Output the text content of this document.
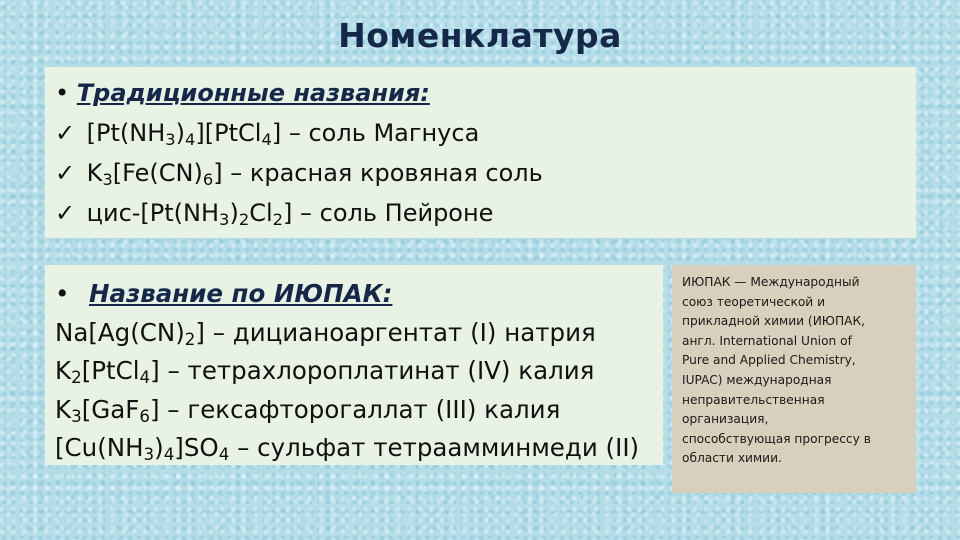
Номенклатура
• Традиционные названия:
✓ $[Pt(NH_3)_4][PtCl_4]$ – соль Магнуса
✓ $K_3[Fe(CN)_6]$ – красная кровяная соль
✓ цис-$[Pt(NH_3)_2Cl_2]$ – соль Пейроне
• Название по ИЮПАК:
$Na[Ag(CN)_2]$ – дицианоаргентат (I) натрия
$K_2[PtCl_4]$ – тетрахлороплатинат (IV) калия
$K_3[GaF_6]$ – гексафторогаллат (III) калия
$[Cu(NH_3)_4]SO_4$ – сульфат тетраамминмеди (II)
ИЮПАК — Международный
союз теоретической и
прикладной химии (ИЮПАК,
англ. International Union of
Pure and Applied Chemistry,
IUPAC) международная
неправительственная
организация,
способствующая прогрессу в
области химии.
